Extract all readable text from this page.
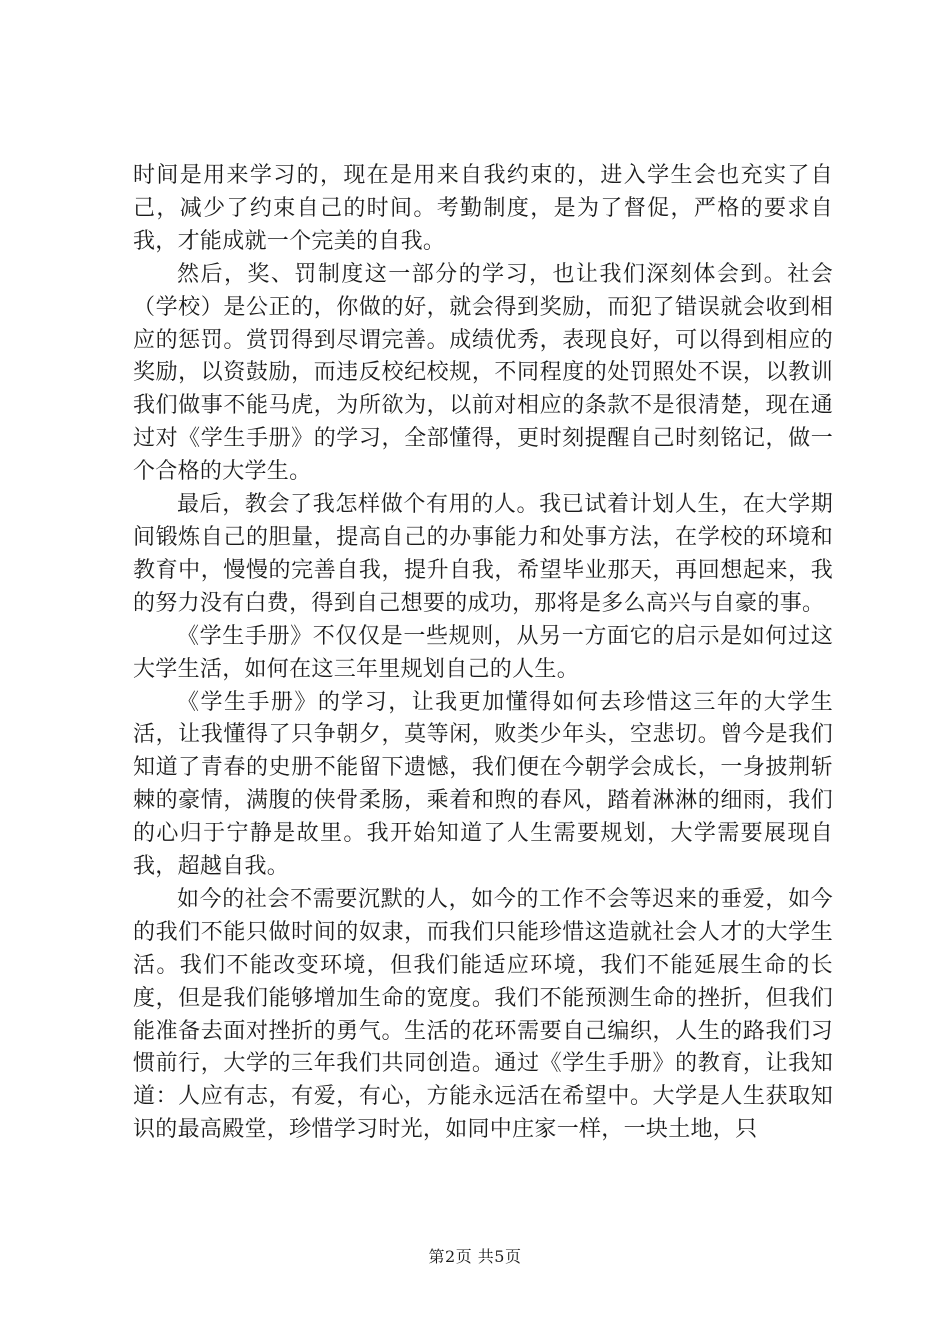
时间是用来学习的，现在是用来自我约束的，进入学生会也充实了自己，减少了约束自己的时间。考勤制度，是为了督促，严格的要求自我，才能成就一个完美的自我。

然后，奖、罚制度这一部分的学习，也让我们深刻体会到。社会（学校）是公正的，你做的好，就会得到奖励，而犯了错误就会收到相应的惩罚。赏罚得到尽谓完善。成绩优秀，表现良好，可以得到相应的奖励，以资鼓励，而违反校纪校规，不同程度的处罚照处不误，以教训我们做事不能马虎，为所欲为，以前对相应的条款不是很清楚，现在通过对《学生手册》的学习，全部懂得，更时刻提醒自己时刻铭记，做一个合格的大学生。

最后，教会了我怎样做个有用的人。我已试着计划人生，在大学期间锻炼自己的胆量，提高自己的办事能力和处事方法，在学校的环境和教育中，慢慢的完善自我，提升自我，希望毕业那天，再回想起来，我的努力没有白费，得到自己想要的成功，那将是多么高兴与自豪的事。

《学生手册》不仅仅是一些规则，从另一方面它的启示是如何过这大学生活，如何在这三年里规划自己的人生。

《学生手册》的学习，让我更加懂得如何去珍惜这三年的大学生活，让我懂得了只争朝夕，莫等闲，败类少年头，空悲切。曾今是我们知道了青春的史册不能留下遗憾，我们便在今朝学会成长，一身披荆斩棘的豪情，满腹的侠骨柔肠，乘着和煦的春风，踏着淋淋的细雨，我们的心归于宁静是故里。我开始知道了人生需要规划，大学需要展现自我，超越自我。

如今的社会不需要沉默的人，如今的工作不会等迟来的垂爱，如今的我们不能只做时间的奴隶，而我们只能珍惜这造就社会人才的大学生活。我们不能改变环境，但我们能适应环境，我们不能延展生命的长度，但是我们能够增加生命的宽度。我们不能预测生命的挫折，但我们能准备去面对挫折的勇气。生活的花环需要自己编织，人生的路我们习惯前行，大学的三年我们共同创造。通过《学生手册》的教育，让我知道：人应有志，有爱，有心，方能永远活在希望中。大学是人生获取知识的最高殿堂，珍惜学习时光，如同中庄家一样，一块土地，只

第2页 共5页
